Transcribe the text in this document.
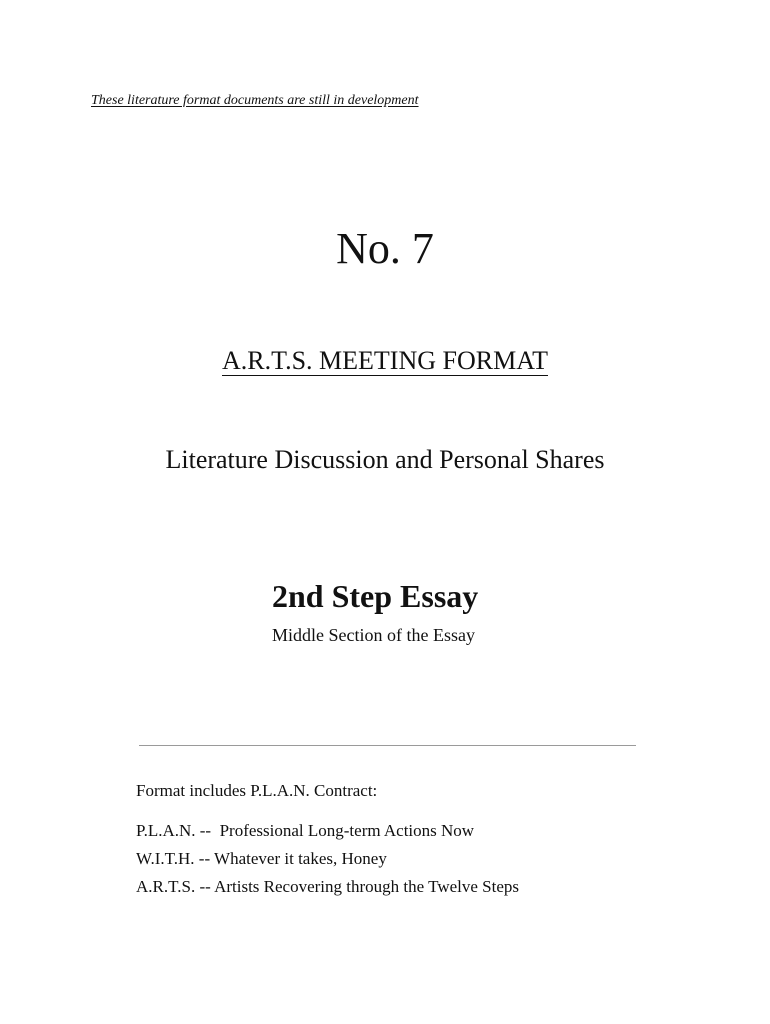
These literature format documents are still in development
No. 7
A.R.T.S. MEETING FORMAT
Literature Discussion and Personal Shares
2nd Step Essay
Middle Section of the Essay
Format includes P.L.A.N. Contract:
P.L.A.N. --  Professional Long-term Actions Now
W.I.T.H. -- Whatever it takes, Honey
A.R.T.S. -- Artists Recovering through the Twelve Steps
